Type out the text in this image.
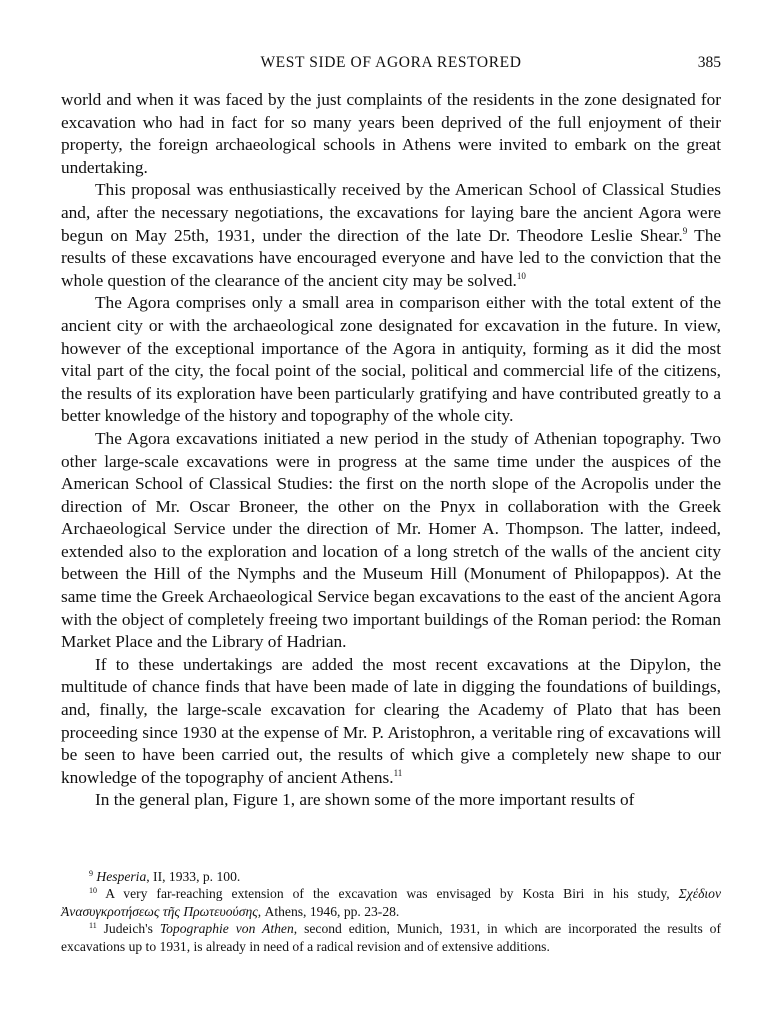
WEST SIDE OF AGORA RESTORED	385

world and when it was faced by the just complaints of the residents in the zone designated for excavation who had in fact for so many years been deprived of the full enjoyment of their property, the foreign archaeological schools in Athens were invited to embark on the great undertaking.

This proposal was enthusiastically received by the American School of Classical Studies and, after the necessary negotiations, the excavations for laying bare the ancient Agora were begun on May 25th, 1931, under the direction of the late Dr. Theodore Leslie Shear.$^9$ The results of these excavations have encouraged everyone and have led to the conviction that the whole question of the clearance of the ancient city may be solved.$^{10}$

The Agora comprises only a small area in comparison either with the total extent of the ancient city or with the archaeological zone designated for excavation in the future. In view, however of the exceptional importance of the Agora in antiquity, forming as it did the most vital part of the city, the focal point of the social, political and commercial life of the citizens, the results of its exploration have been particularly gratifying and have contributed greatly to a better knowledge of the history and topography of the whole city.

The Agora excavations initiated a new period in the study of Athenian topography. Two other large-scale excavations were in progress at the same time under the auspices of the American School of Classical Studies: the first on the north slope of the Acropolis under the direction of Mr. Oscar Broneer, the other on the Pnyx in collaboration with the Greek Archaeological Service under the direction of Mr. Homer A. Thompson. The latter, indeed, extended also to the exploration and location of a long stretch of the walls of the ancient city between the Hill of the Nymphs and the Museum Hill (Monument of Philopappos). At the same time the Greek Archaeological Service began excavations to the east of the ancient Agora with the object of completely freeing two important buildings of the Roman period: the Roman Market Place and the Library of Hadrian.

If to these undertakings are added the most recent excavations at the Dipylon, the multitude of chance finds that have been made of late in digging the foundations of buildings, and, finally, the large-scale excavation for clearing the Academy of Plato that has been proceeding since 1930 at the expense of Mr. P. Aristophron, a veritable ring of excavations will be seen to have been carried out, the results of which give a completely new shape to our knowledge of the topography of ancient Athens.$^{11}$

In the general plan, Figure 1, are shown some of the more important results of

$^9$ Hesperia, II, 1933, p. 100.

$^{10}$ A very far-reaching extension of the excavation was envisaged by Kosta Biri in his study, Σχέδιον Ἀνασυγκροτήσεως τῆς Πρωτευούσης, Athens, 1946, pp. 23-28.

$^{11}$ Judeich's Topographie von Athen, second edition, Munich, 1931, in which are incorporated the results of excavations up to 1931, is already in need of a radical revision and of extensive additions.
